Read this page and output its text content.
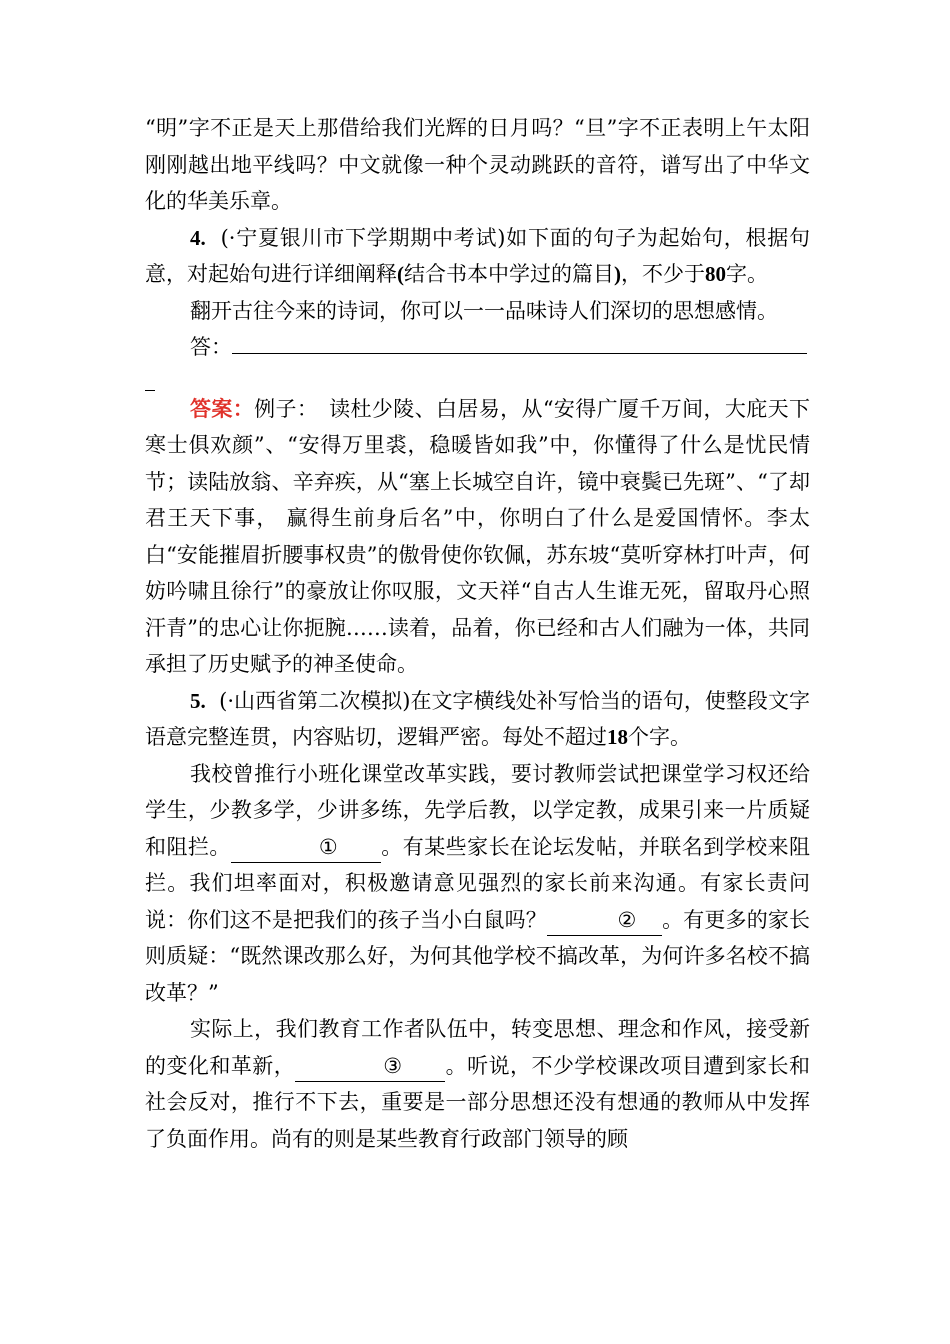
“明”字不正是天上那借给我们光辉的日月吗？“旦”字不正表明上午太阳刚刚越出地平线吗？中文就像一种个灵动跳跃的音符，谱写出了中华文化的华美乐章。

4. (·宁夏银川市下学期期中考试)如下面的句子为起始句，根据句意，对起始句进行详细阐释(结合书本中学过的篇目)，不少于80字。

翻开古往今来的诗词，你可以一一品味诗人们深切的思想感情。

答：

答案：例子：　读杜少陵、白居易，从“安得广厦千万间，大庇天下寒士俱欢颜”、“安得万里裘，稳暖皆如我”中，你懂得了什么是忧民情节；读陆放翁、辛弃疾，从“塞上长城空自许，镜中衰鬓已先斑”、“了却君王天下事， 赢得生前身后名”中，你明白了什么是爱国情怀。李太白“安能摧眉折腰事权贵”的傲骨使你钦佩，苏东坡“莫听穿林打叶声，何妨吟啸且徐行”的豪放让你叹服，文天祥“自古人生谁无死，留取丹心照汗青”的忠心让你扼腕……读着，品着，你已经和古人们融为一体，共同承担了历史赋予的神圣使命。

5. (·山西省第二次模拟)在文字横线处补写恰当的语句，使整段文字语意完整连贯，内容贴切，逻辑严密。每处不超过18个字。

我校曾推行小班化课堂改革实践，要讨教师尝试把课堂学习权还给学生，少教多学，少讲多练，先学后教，以学定教，成果引来一片质疑和阻拦。	① 。有某些家长在论坛发帖，并联名到学校来阻拦。我们坦率面对，积极邀请意见强烈的家长前来沟通。有家长责问说：你们这不是把我们的孩子当小白鼠吗？	② 。有更多的家长则质疑：“既然课改那么好，为何其他学校不搞改革，为何许多名校不搞改革？”

实际上，我们教育工作者队伍中，转变思想、理念和作风，接受新的变化和革新，	③ 。听说，不少学校课改项目遭到家长和社会反对，推行不下去，重要是一部分思想还没有想通的教师从中发挥了负面作用。尚有的则是某些教育行政部门领导的顾
